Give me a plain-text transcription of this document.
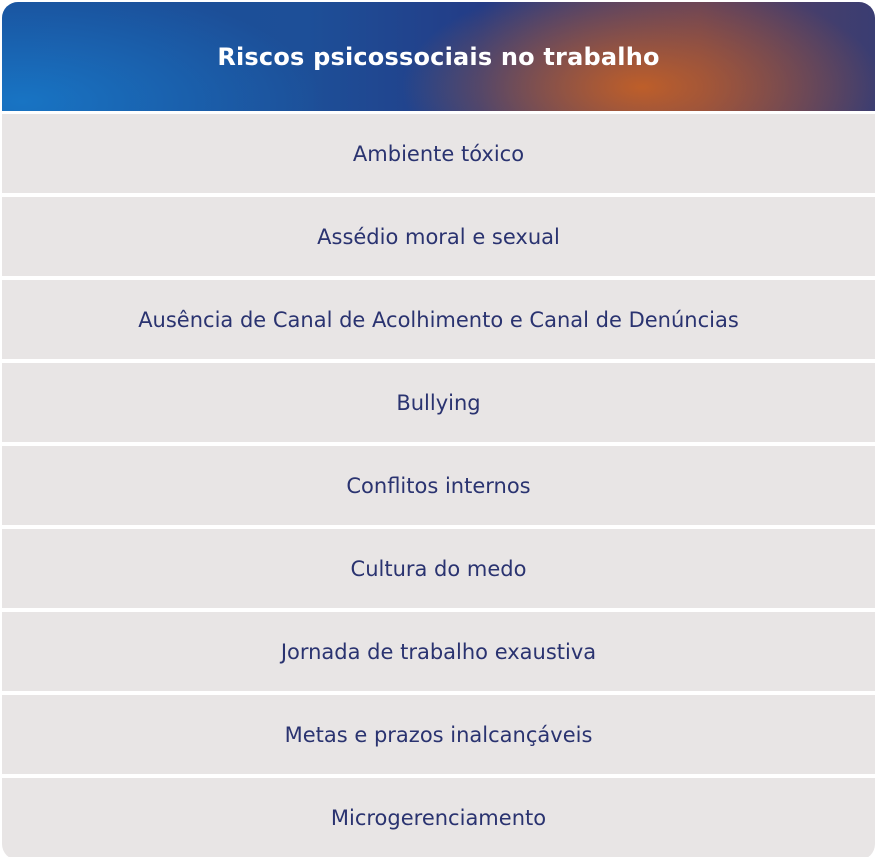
Riscos psicossociais no trabalho
Ambiente tóxico
Assédio moral e sexual
Ausência de Canal de Acolhimento e Canal de Denúncias
Bullying
Conflitos internos
Cultura do medo
Jornada de trabalho exaustiva
Metas e prazos inalcançáveis
Microgerenciamento
